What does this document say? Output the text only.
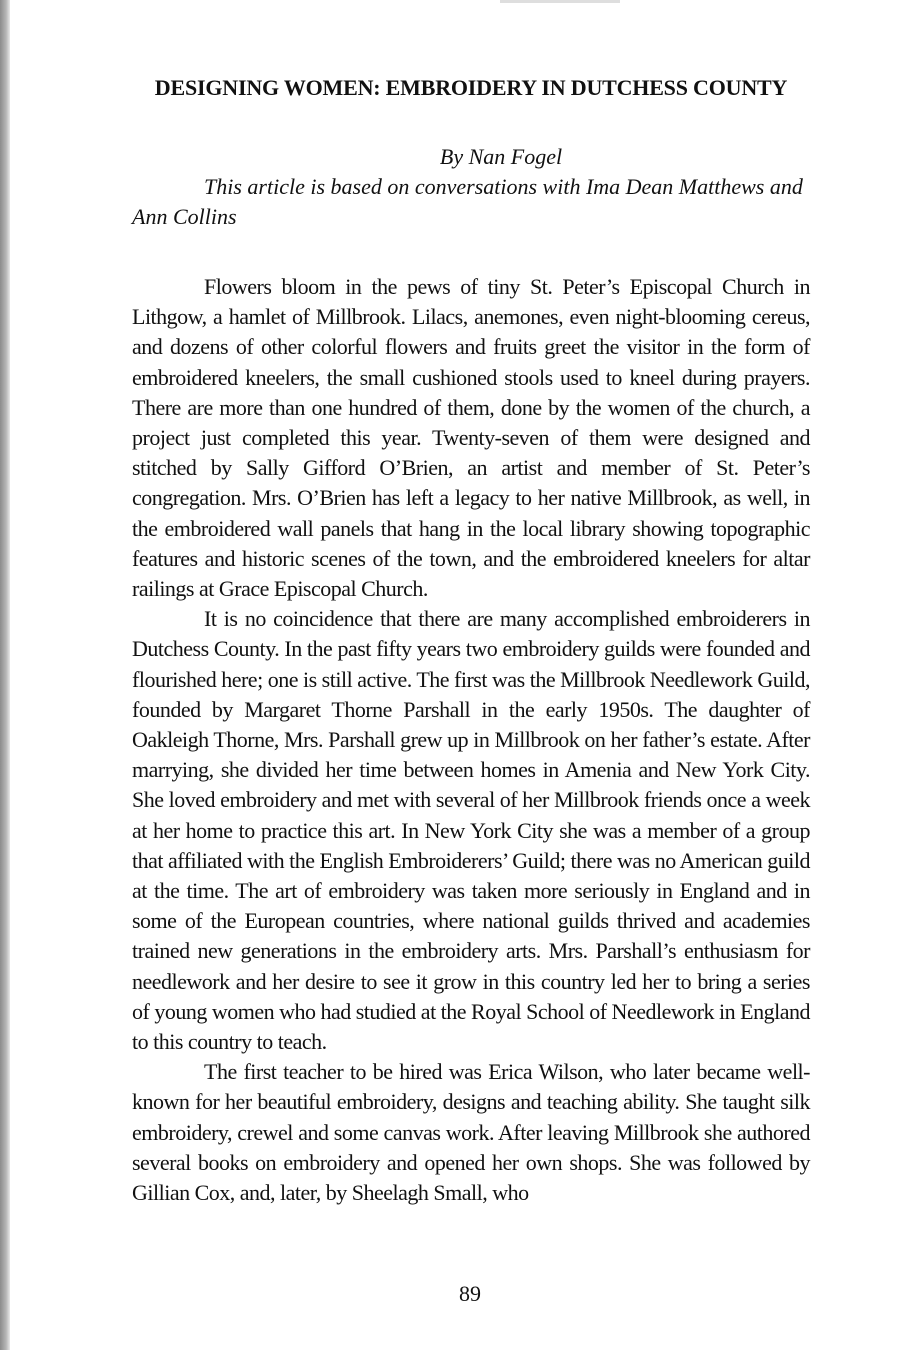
DESIGNING WOMEN: EMBROIDERY IN DUTCHESS COUNTY

By Nan Fogel

This article is based on conversations with Ima Dean Matthews and Ann Collins

Flowers bloom in the pews of tiny St. Peter’s Episcopal Church in Lithgow, a hamlet of Millbrook. Lilacs, anemones, even night-blooming cereus, and dozens of other colorful flowers and fruits greet the visitor in the form of embroidered kneelers, the small cushioned stools used to kneel during prayers. There are more than one hundred of them, done by the women of the church, a project just completed this year. Twenty-seven of them were designed and stitched by Sally Gifford O’Brien, an artist and member of St. Peter’s congregation. Mrs. O’Brien has left a legacy to her native Millbrook, as well, in the embroidered wall panels that hang in the local library showing topographic features and historic scenes of the town, and the embroidered kneelers for altar railings at Grace Episcopal Church.

It is no coincidence that there are many accomplished embroiderers in Dutchess County. In the past fifty years two embroidery guilds were founded and flourished here; one is still active. The first was the Millbrook Needlework Guild, founded by Margaret Thorne Parshall in the early 1950s. The daughter of Oakleigh Thorne, Mrs. Parshall grew up in Millbrook on her father’s estate. After marrying, she divided her time between homes in Amenia and New York City. She loved embroidery and met with several of her Millbrook friends once a week at her home to practice this art. In New York City she was a member of a group that affiliated with the English Embroiderers’ Guild; there was no American guild at the time. The art of embroidery was taken more seriously in England and in some of the European countries, where national guilds thrived and academies trained new generations in the embroidery arts. Mrs. Parshall’s enthusiasm for needlework and her desire to see it grow in this country led her to bring a series of young women who had studied at the Royal School of Needlework in England to this country to teach.

The first teacher to be hired was Erica Wilson, who later became well-known for her beautiful embroidery, designs and teaching ability. She taught silk embroidery, crewel and some canvas work. After leaving Millbrook she authored several books on embroidery and opened her own shops. She was followed by Gillian Cox, and, later, by Sheelagh Small, who

89
